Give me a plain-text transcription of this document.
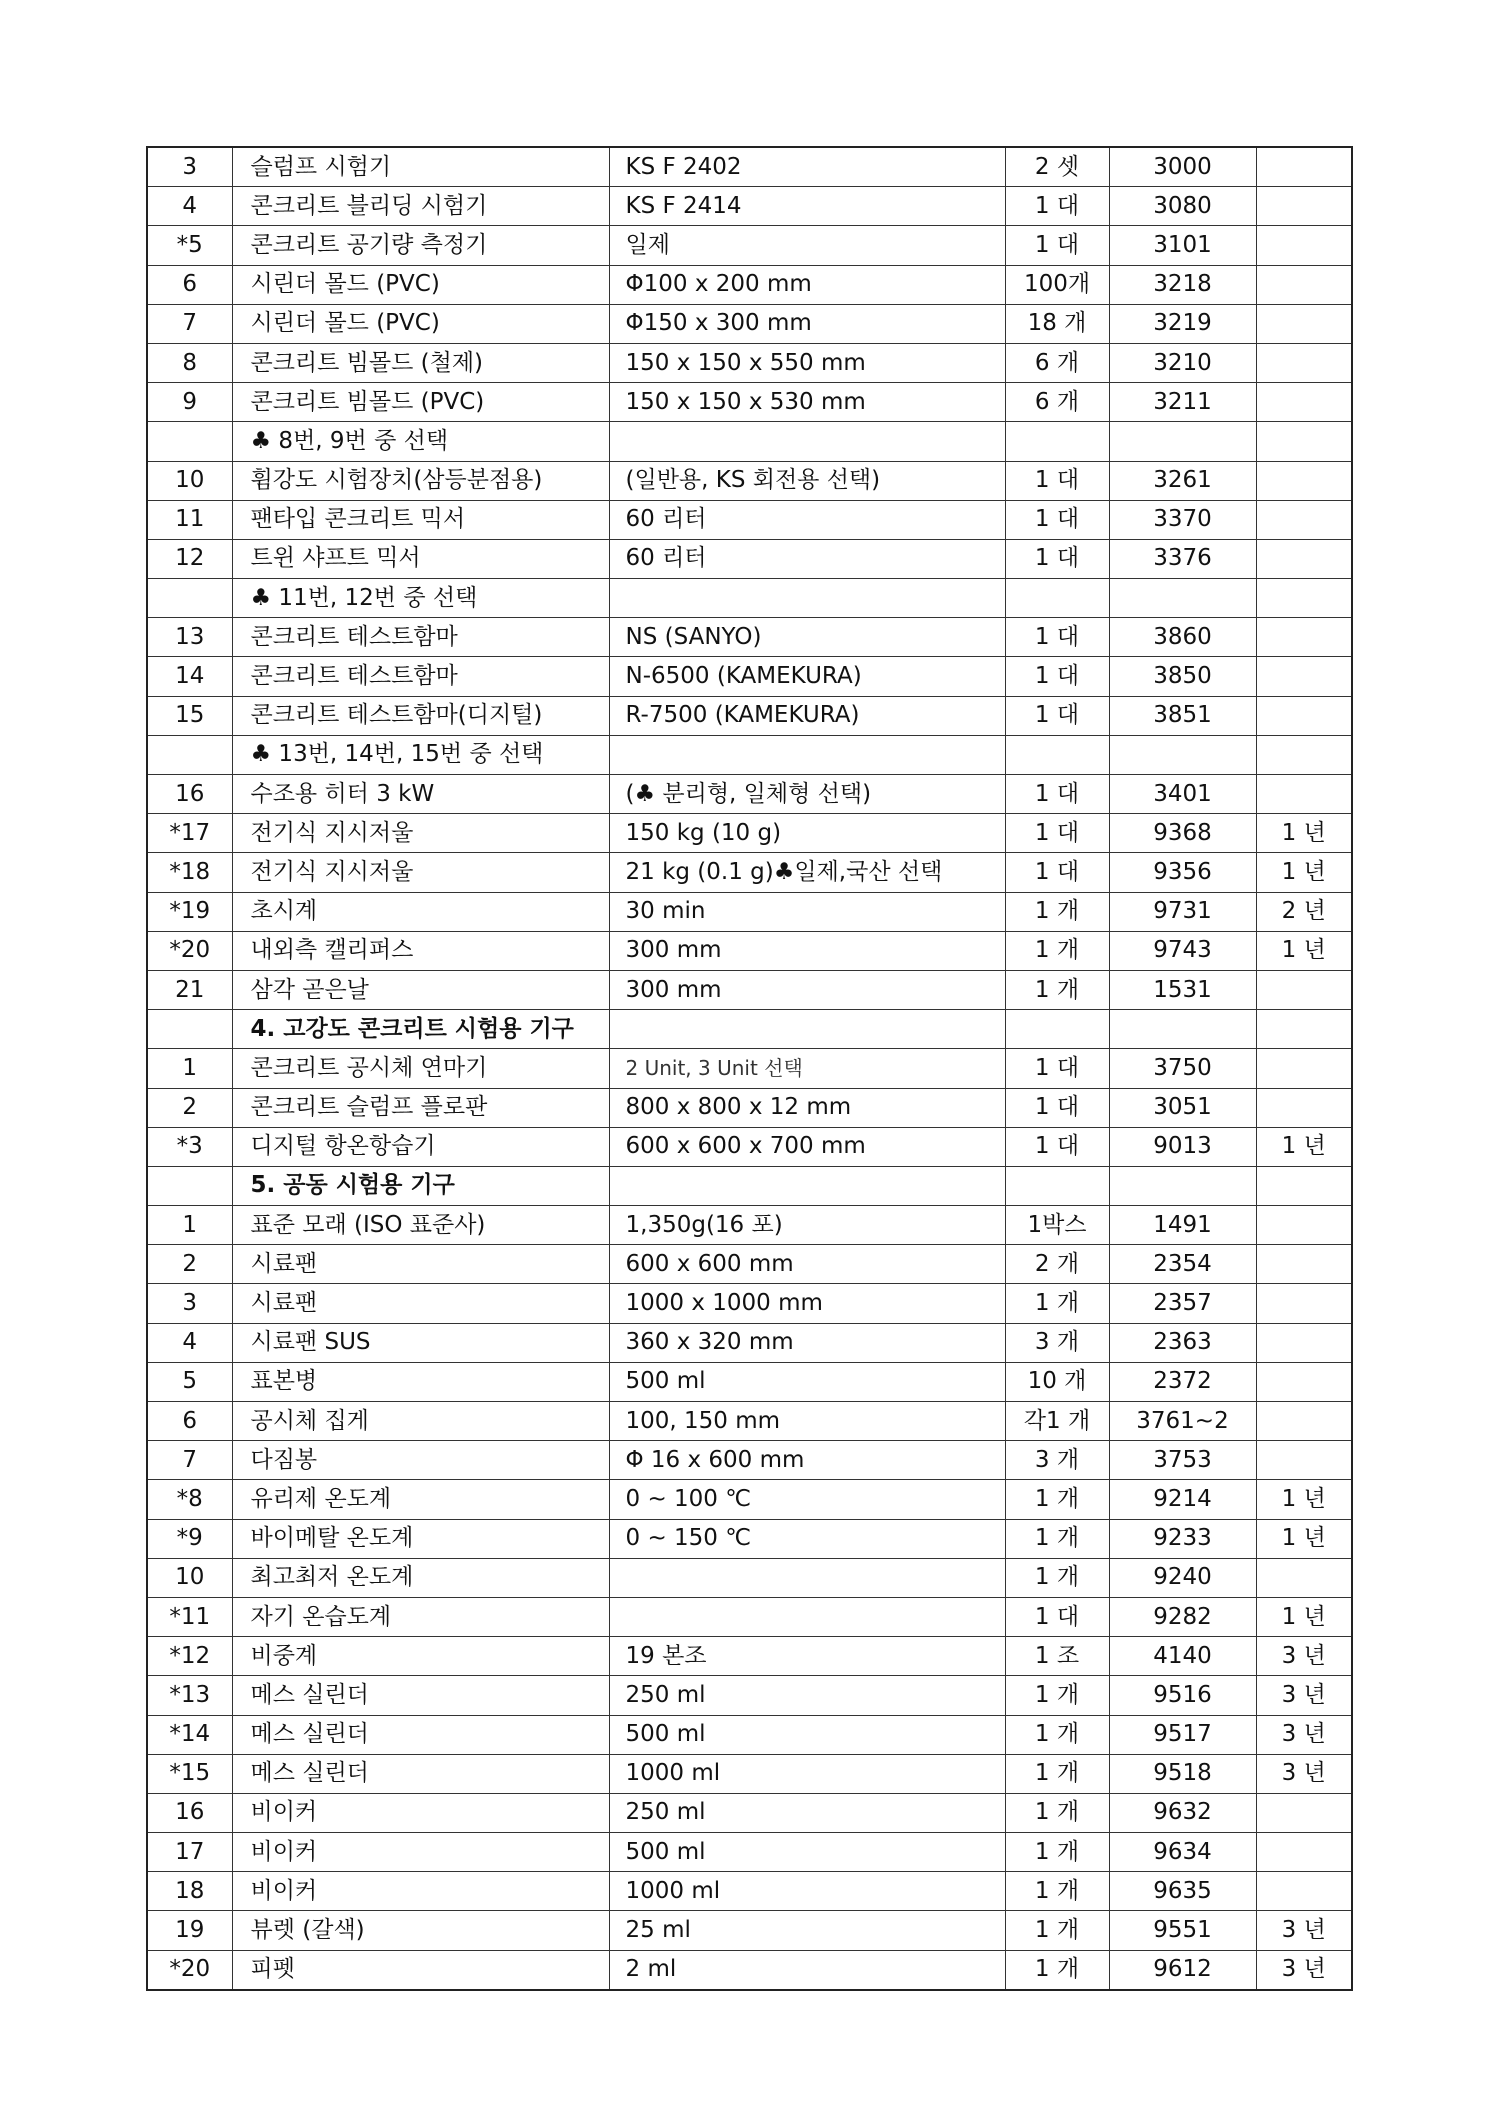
3	슬럼프 시험기	KS F 2402	2 셋	3000	
4	콘크리트 블리딩 시험기	KS F 2414	1 대	3080	
*5	콘크리트 공기량 측정기	일제	1 대	3101	
6	시린더 몰드 (PVC)	Φ100 x 200 mm	100개	3218	
7	시린더 몰드 (PVC)	Φ150 x 300 mm	18 개	3219	
8	콘크리트 빔몰드 (철제)	150 x 150 x 550 mm	6 개	3210	
9	콘크리트 빔몰드 (PVC)	150 x 150 x 530 mm	6 개	3211	
	♣ 8번, 9번 중 선택				
10	휨강도 시험장치(삼등분점용)	(일반용, KS 회전용 선택)	1 대	3261	
11	팬타입 콘크리트 믹서	60 리터	1 대	3370	
12	트윈 샤프트 믹서	60 리터	1 대	3376	
	♣ 11번, 12번 중 선택				
13	콘크리트 테스트함마	NS (SANYO)	1 대	3860	
14	콘크리트 테스트함마	N-6500 (KAMEKURA)	1 대	3850	
15	콘크리트 테스트함마(디지털)	R-7500 (KAMEKURA)	1 대	3851	
	♣ 13번, 14번, 15번 중 선택				
16	수조용 히터 3 kW	(♣ 분리형, 일체형 선택)	1 대	3401	
*17	전기식 지시저울	150 kg (10 g)	1 대	9368	1 년
*18	전기식 지시저울	21 kg (0.1 g)♣일제,국산 선택	1 대	9356	1 년
*19	초시계	30 min	1 개	9731	2 년
*20	내외측 캘리퍼스	300 mm	1 개	9743	1 년
21	삼각 곧은날	300 mm	1 개	1531	
	4. 고강도 콘크리트 시험용 기구				
1	콘크리트 공시체 연마기	2 Unit, 3 Unit 선택	1 대	3750	
2	콘크리트 슬럼프 플로판	800 x 800 x 12 mm	1 대	3051	
*3	디지털 항온항습기	600 x 600 x 700 mm	1 대	9013	1 년
	5. 공동 시험용 기구				
1	표준 모래 (ISO 표준사)	1,350g(16 포)	1박스	1491	
2	시료팬	600 x 600 mm	2 개	2354	
3	시료팬	1000 x 1000 mm	1 개	2357	
4	시료팬 SUS	360 x 320 mm	3 개	2363	
5	표본병	500 ml	10 개	2372	
6	공시체 집게	100, 150 mm	각1 개	3761~2	
7	다짐봉	Φ 16 x 600 mm	3 개	3753	
*8	유리제 온도계	0 ~ 100 ℃	1 개	9214	1 년
*9	바이메탈 온도계	0 ~ 150 ℃	1 개	9233	1 년
10	최고최저 온도계		1 개	9240	
*11	자기 온습도계		1 대	9282	1 년
*12	비중계	19 본조	1 조	4140	3 년
*13	메스 실린더	250 ml	1 개	9516	3 년
*14	메스 실린더	500 ml	1 개	9517	3 년
*15	메스 실린더	1000 ml	1 개	9518	3 년
16	비이커	250 ml	1 개	9632	
17	비이커	500 ml	1 개	9634	
18	비이커	1000 ml	1 개	9635	
19	뷰렛 (갈색)	25 ml	1 개	9551	3 년
*20	피펫	2 ml	1 개	9612	3 년
